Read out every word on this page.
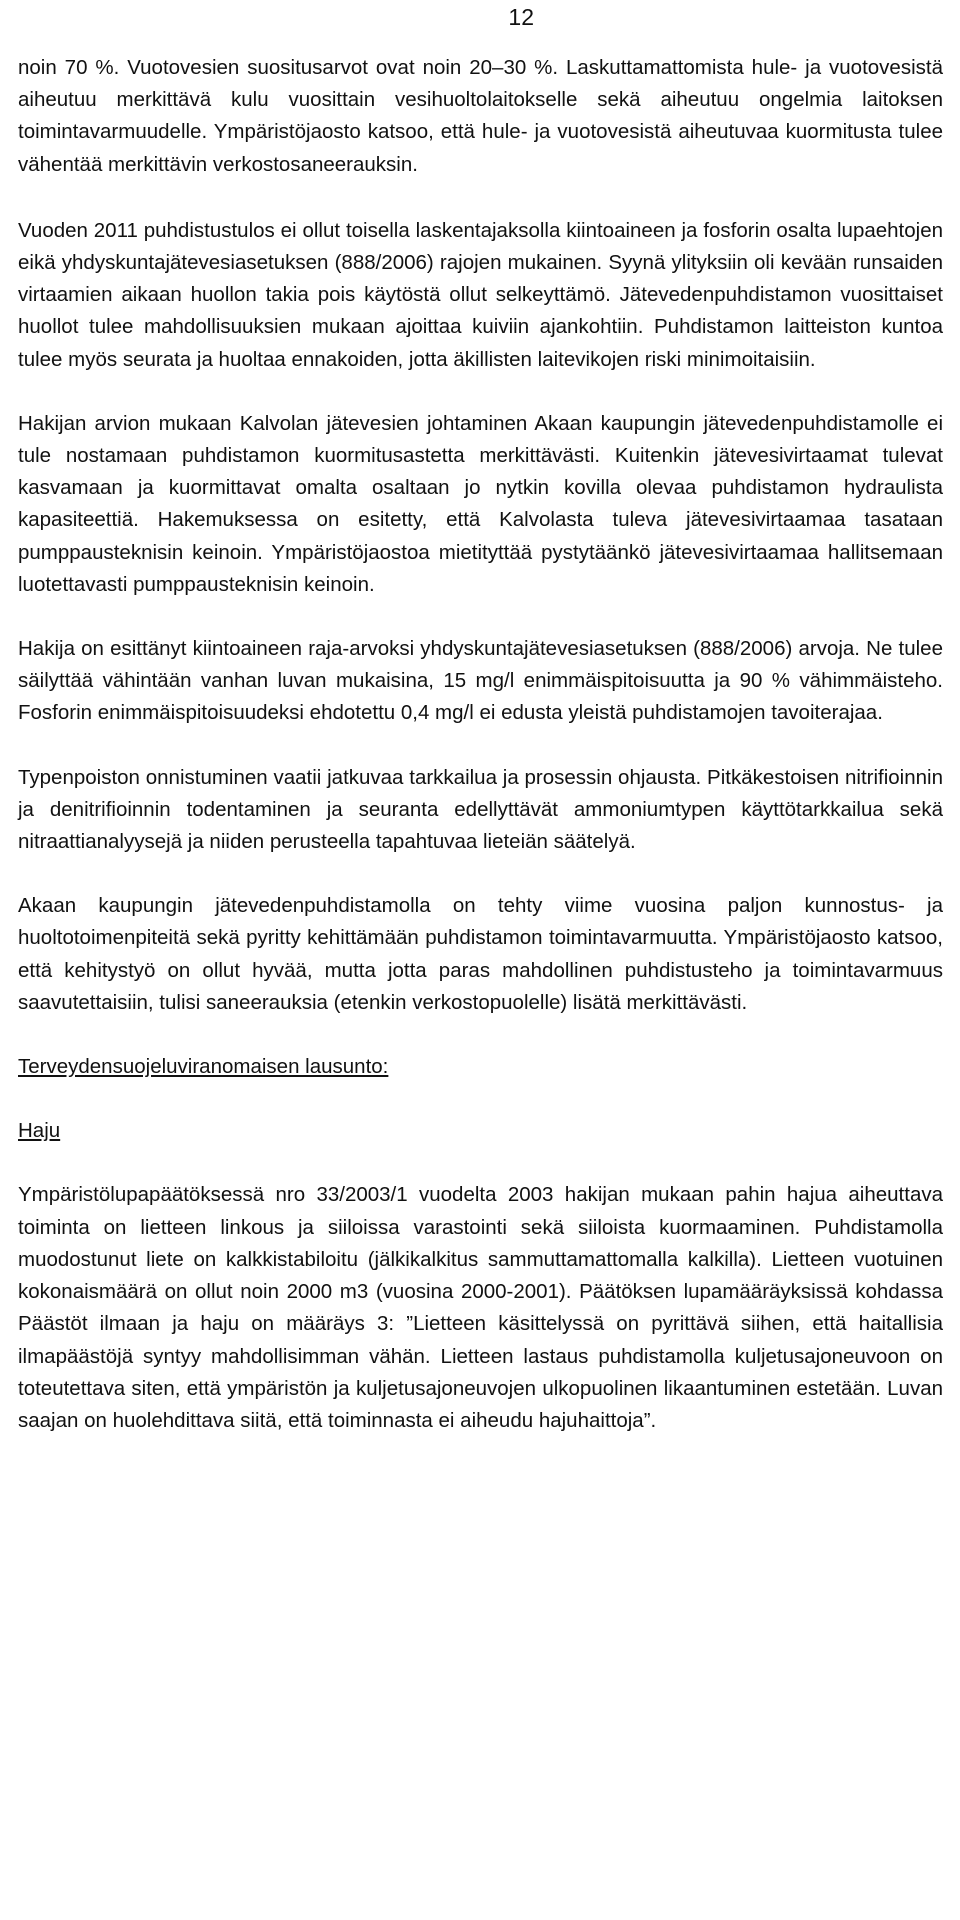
12

noin 70 %. Vuotovesien suositusarvot ovat noin 20–30 %. Laskuttamattomista hule- ja vuotovesistä aiheutuu merkittävä kulu vuosittain vesihuoltolaitokselle sekä aiheutuu ongelmia laitoksen toimintavarmuudelle. Ympäristöjaosto katsoo, että hule- ja vuotovesistä aiheutuvaa kuormitusta tulee vähentää merkittävin verkostosaneerauksin.

Vuoden 2011 puhdistustulos ei ollut toisella laskentajaksolla kiintoaineen ja fosforin osalta lupaehtojen eikä yhdyskuntajätevesiasetuksen (888/2006) rajojen mukainen. Syynä ylityksiin oli kevään runsaiden virtaamien aikaan huollon takia pois käytöstä ollut selkeyttämö. Jätevedenpuhdistamon vuosittaiset huollot tulee mahdollisuuksien mukaan ajoittaa kuiviin ajankohtiin. Puhdistamon laitteiston kuntoa tulee myös seurata ja huoltaa ennakoiden, jotta äkillisten laitevikojen riski minimoitaisiin.

Hakijan arvion mukaan Kalvolan jätevesien johtaminen Akaan kaupungin jätevedenpuhdistamolle ei tule nostamaan puhdistamon kuormitusastetta merkittävästi. Kuitenkin jätevesivirtaamat tulevat kasvamaan ja kuormittavat omalta osaltaan jo nytkin kovilla olevaa puhdistamon hydraulista kapasiteettiä. Hakemuksessa on esitetty, että Kalvolasta tuleva jätevesivirtaamaa tasataan pumppausteknisin keinoin. Ympäristöjaostoa mietityttää pystytäänkö jätevesivirtaamaa hallitsemaan luotettavasti pumppausteknisin keinoin.

Hakija on esittänyt kiintoaineen raja-arvoksi yhdyskuntajätevesiasetuksen (888/2006) arvoja. Ne tulee säilyttää vähintään vanhan luvan mukaisina, 15 mg/l enimmäispitoisuutta ja 90 % vähimmäisteho. Fosforin enimmäispitoisuudeksi ehdotettu 0,4 mg/l ei edusta yleistä puhdistamojen tavoiterajaa.

Typenpoiston onnistuminen vaatii jatkuvaa tarkkailua ja prosessin ohjausta. Pitkäkestoisen nitrifioinnin ja denitrifioinnin todentaminen ja seuranta edellyttävät ammoniumtypen käyttötarkkailua sekä nitraattianalyysejä ja niiden perusteella tapahtuvaa lieteiän säätelyä.

Akaan kaupungin jätevedenpuhdistamolla on tehty viime vuosina paljon kunnostus- ja huoltotoimenpiteitä sekä pyritty kehittämään puhdistamon toimintavarmuutta. Ympäristöjaosto katsoo, että kehitystyö on ollut hyvää, mutta jotta paras mahdollinen puhdistusteho ja toimintavarmuus saavutettaisiin, tulisi saneerauksia (etenkin verkostopuolelle) lisätä merkittävästi.

Terveydensuojeluviranomaisen lausunto:
Haju

Ympäristölupapäätöksessä nro 33/2003/1 vuodelta 2003 hakijan mukaan pahin hajua aiheuttava toiminta on lietteen linkous ja siiloissa varastointi sekä siiloista kuormaaminen. Puhdistamolla muodostunut liete on kalkkistabiloitu (jälkikalkitus sammuttamattomalla kalkilla). Lietteen vuotuinen kokonaismäärä on ollut noin 2000 m3 (vuosina 2000-2001). Päätöksen lupamääräyksissä kohdassa Päästöt ilmaan ja haju on määräys 3: ”Lietteen käsittelyssä on pyrittävä siihen, että haitallisia ilmapäästöjä syntyy mahdollisimman vähän. Lietteen lastaus puhdistamolla kuljetusajoneuvoon on toteutettava siten, että ympäristön ja kuljetusajoneuvojen ulkopuolinen likaantuminen estetään. Luvan saajan on huolehdittava siitä, että toiminnasta ei aiheudu hajuhaittoja”.
